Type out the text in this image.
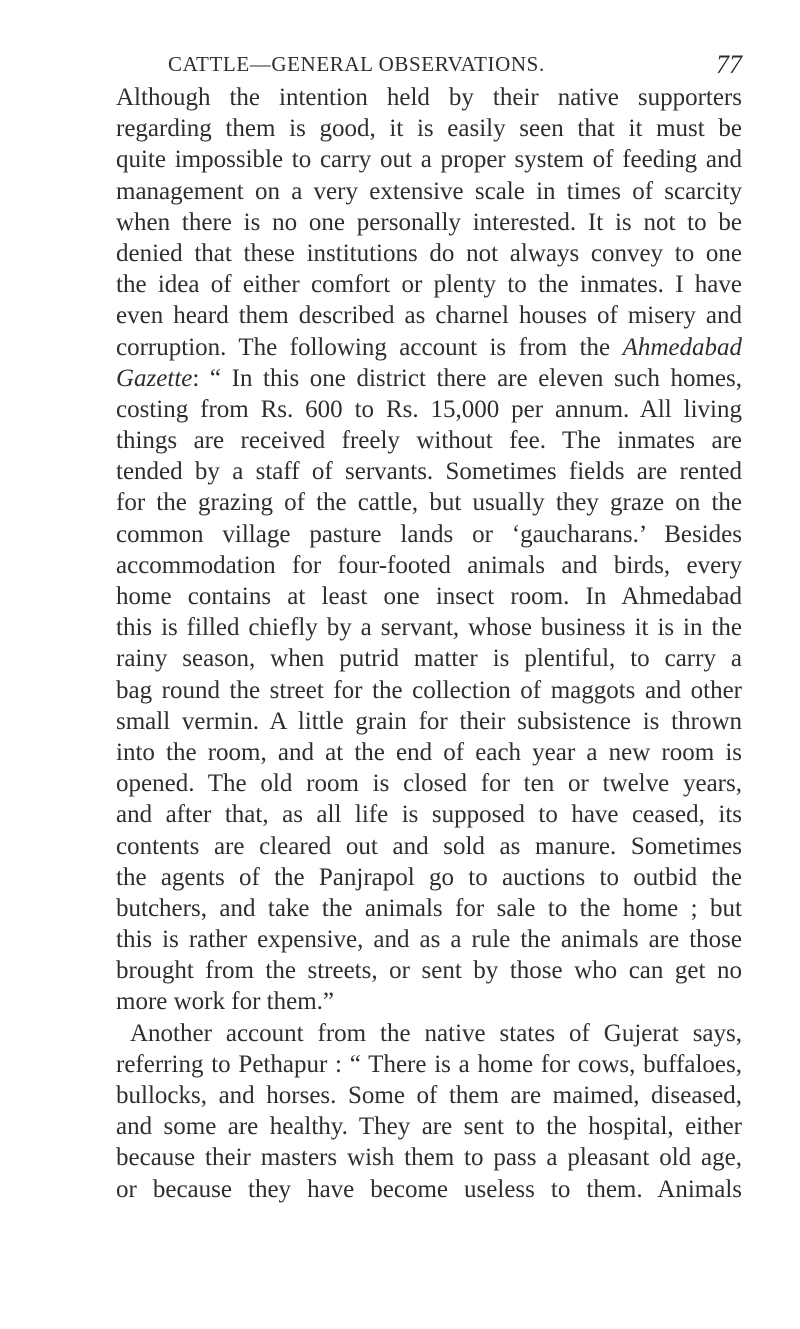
CATTLE—GENERAL OBSERVATIONS.	77
Although the intention held by their native supporters
regarding them is good, it is easily seen that it must be
quite impossible to carry out a proper system of feeding and
management on a very extensive scale in times of scarcity
when there is no one personally interested. It is not to be
denied that these institutions do not always convey to one
the idea of either comfort or plenty to the inmates. I have
even heard them described as charnel houses of misery and
corruption. The following account is from the Ahmedabad
Gazette: “ In this one district there are eleven such homes,
costing from Rs. 600 to Rs. 15,000 per annum. All living
things are received freely without fee. The inmates are
tended by a staff of servants. Sometimes fields are rented
for the grazing of the cattle, but usually they graze on the
common village pasture lands or ‘gaucharans.’ Besides
accommodation for four-footed animals and birds, every
home contains at least one insect room. In Ahmedabad
this is filled chiefly by a servant, whose business it is in the
rainy season, when putrid matter is plentiful, to carry a
bag round the street for the collection of maggots and other
small vermin. A little grain for their subsistence is thrown
into the room, and at the end of each year a new room is
opened. The old room is closed for ten or twelve years,
and after that, as all life is supposed to have ceased, its
contents are cleared out and sold as manure. Sometimes
the agents of the Panjrapol go to auctions to outbid the
butchers, and take the animals for sale to the home ; but
this is rather expensive, and as a rule the animals are those
brought from the streets, or sent by those who can get no
more work for them.”
Another account from the native states of Gujerat says,
referring to Pethapur : “ There is a home for cows, buffaloes,
bullocks, and horses. Some of them are maimed, diseased,
and some are healthy. They are sent to the hospital, either
because their masters wish them to pass a pleasant old age,
or because they have become useless to them. Animals
